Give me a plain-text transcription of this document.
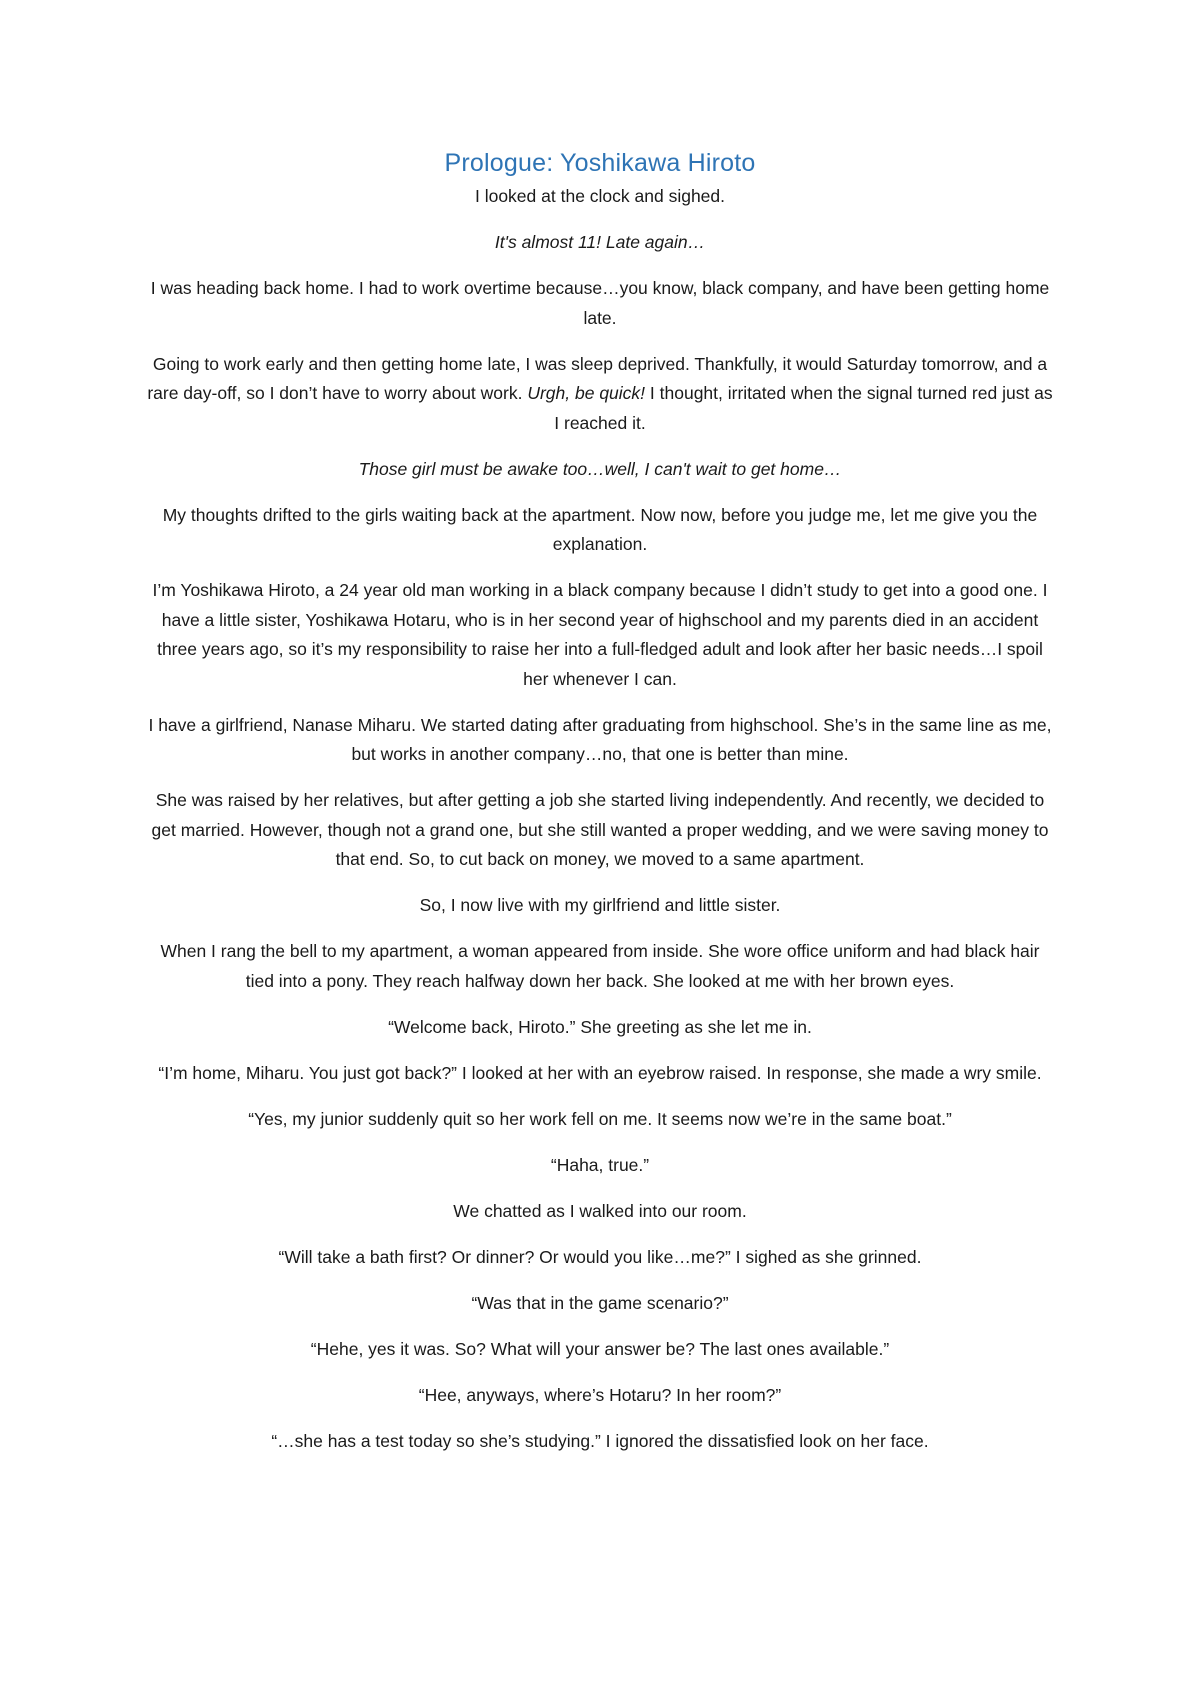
Prologue: Yoshikawa Hiroto

I looked at the clock and sighed.

It's almost 11! Late again…

I was heading back home. I had to work overtime because…you know, black company, and have been getting home late.

Going to work early and then getting home late, I was sleep deprived. Thankfully, it would Saturday tomorrow, and a rare day-off, so I don’t have to worry about work. Urgh, be quick! I thought, irritated when the signal turned red just as I reached it.

Those girl must be awake too…well, I can't wait to get home…

My thoughts drifted to the girls waiting back at the apartment. Now now, before you judge me, let me give you the explanation.

I’m Yoshikawa Hiroto, a 24 year old man working in a black company because I didn’t study to get into a good one. I have a little sister, Yoshikawa Hotaru, who is in her second year of highschool and my parents died in an accident three years ago, so it’s my responsibility to raise her into a full-fledged adult and look after her basic needs…I spoil her whenever I can.

I have a girlfriend, Nanase Miharu. We started dating after graduating from highschool. She’s in the same line as me, but works in another company…no, that one is better than mine.

She was raised by her relatives, but after getting a job she started living independently. And recently, we decided to get married. However, though not a grand one, but she still wanted a proper wedding, and we were saving money to that end. So, to cut back on money, we moved to a same apartment.

So, I now live with my girlfriend and little sister.

When I rang the bell to my apartment, a woman appeared from inside. She wore office uniform and had black hair tied into a pony. They reach halfway down her back. She looked at me with her brown eyes.

“Welcome back, Hiroto.” She greeting as she let me in.

“I’m home, Miharu. You just got back?” I looked at her with an eyebrow raised. In response, she made a wry smile.

“Yes, my junior suddenly quit so her work fell on me. It seems now we’re in the same boat.”

“Haha, true.”

We chatted as I walked into our room.

“Will take a bath first? Or dinner? Or would you like…me?” I sighed as she grinned.

“Was that in the game scenario?”

“Hehe, yes it was. So? What will your answer be? The last ones available.”

“Hee, anyways, where’s Hotaru? In her room?”

“…she has a test today so she’s studying.” I ignored the dissatisfied look on her face.
